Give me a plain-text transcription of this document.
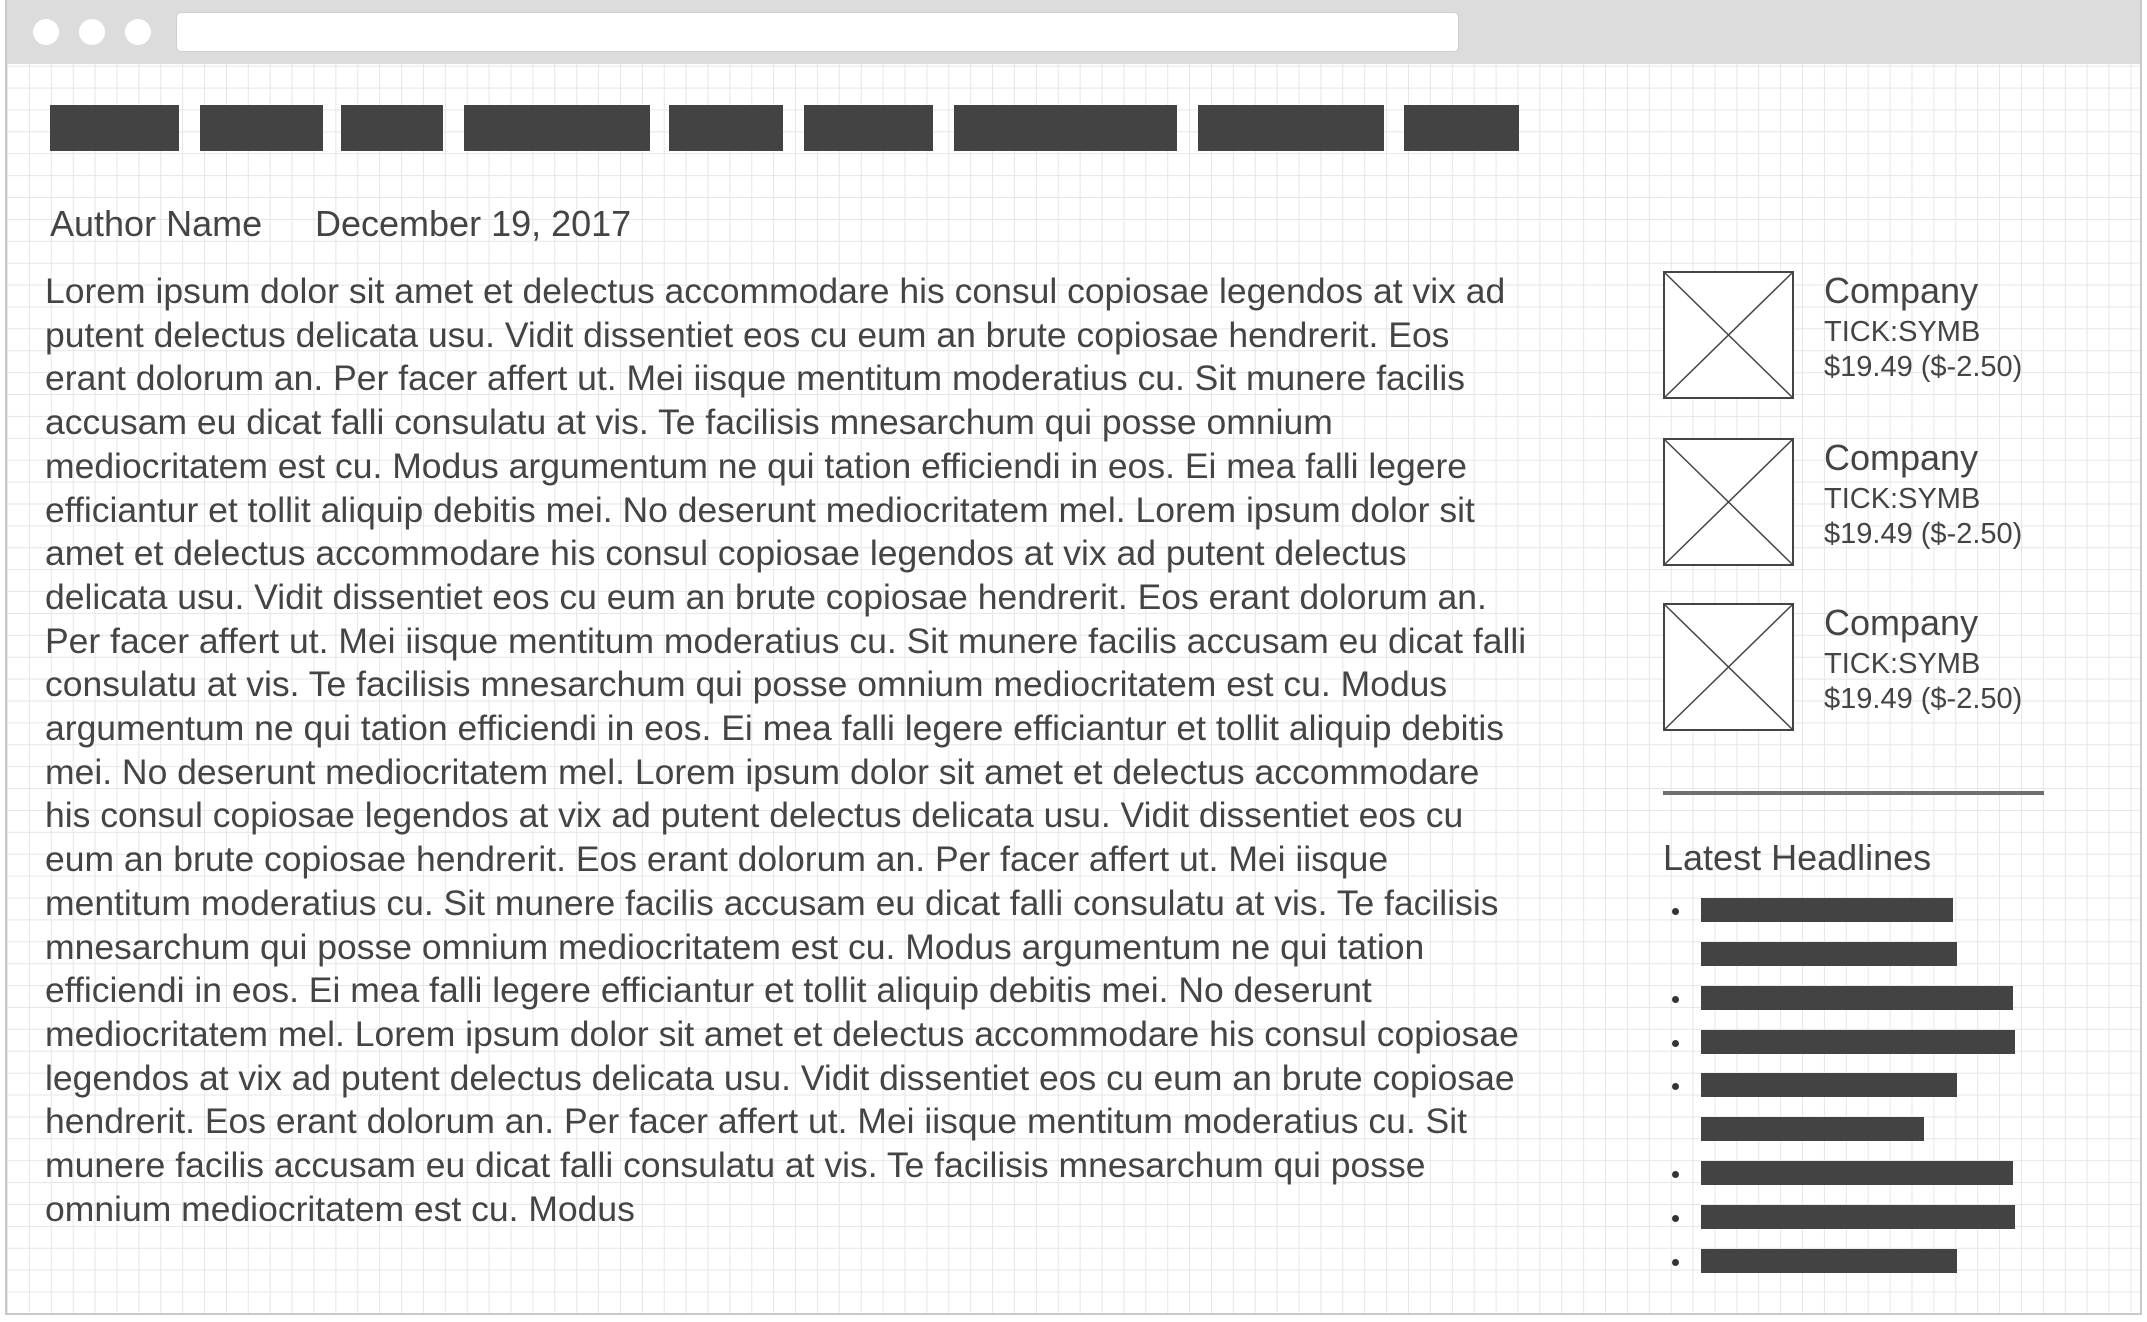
Author Name December 19, 2017

Lorem ipsum dolor sit amet et delectus accommodare his consul copiosae legendos at vix ad putent delectus delicata usu. Vidit dissentiet eos cu eum an brute copiosae hendrerit. Eos erant dolorum an. Per facer affert ut. Mei iisque mentitum moderatius cu. Sit munere facilis accusam eu dicat falli consulatu at vis. Te facilisis mnesarchum qui posse omnium mediocritatem est cu. Modus argumentum ne qui tation efficiendi in eos. Ei mea falli legere efficiantur et tollit aliquip debitis mei. No deserunt mediocritatem mel. Lorem ipsum dolor sit amet et delectus accommodare his consul copiosae legendos at vix ad putent delectus delicata usu. Vidit dissentiet eos cu eum an brute copiosae hendrerit. Eos erant dolorum an. Per facer affert ut. Mei iisque mentitum moderatius cu. Sit munere facilis accusam eu dicat falli consulatu at vis. Te facilisis mnesarchum qui posse omnium mediocritatem est cu. Modus argumentum ne qui tation efficiendi in eos. Ei mea falli legere efficiantur et tollit aliquip debitis mei. No deserunt mediocritatem mel. Lorem ipsum dolor sit amet et delectus accommodare his consul copiosae legendos at vix ad putent delectus delicata usu. Vidit dissentiet eos cu eum an brute copiosae hendrerit. Eos erant dolorum an. Per facer affert ut. Mei iisque mentitum moderatius cu. Sit munere facilis accusam eu dicat falli consulatu at vis. Te facilisis mnesarchum qui posse omnium mediocritatem est cu. Modus argumentum ne qui tation efficiendi in eos. Ei mea falli legere efficiantur et tollit aliquip debitis mei. No deserunt mediocritatem mel. Lorem ipsum dolor sit amet et delectus accommodare his consul copiosae legendos at vix ad putent delectus delicata usu. Vidit dissentiet eos cu eum an brute copiosae hendrerit. Eos erant dolorum an. Per facer affert ut. Mei iisque mentitum moderatius cu. Sit munere facilis accusam eu dicat falli consulatu at vis. Te facilisis mnesarchum qui posse omnium mediocritatem est cu. Modus

Company
TICK:SYMB
$19.49 ($-2.50)
Company
TICK:SYMB
$19.49 ($-2.50)
Company
TICK:SYMB
$19.49 ($-2.50)
Latest Headlines
